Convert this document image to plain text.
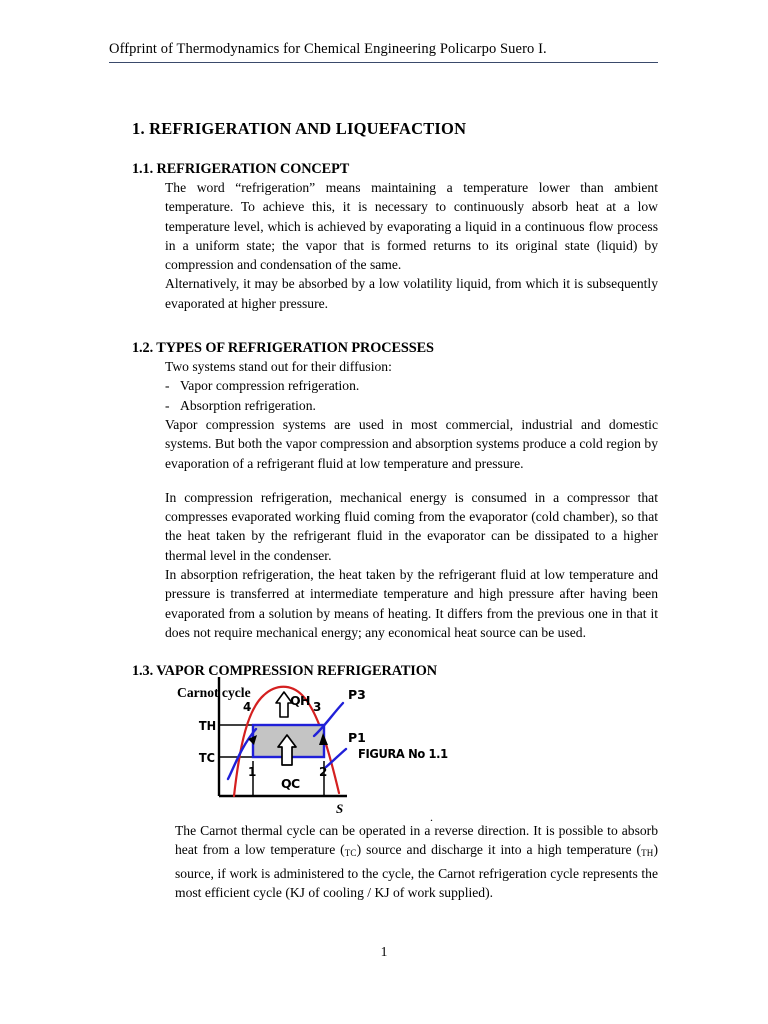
Offprint of Thermodynamics for Chemical Engineering Policarpo Suero I.
1. REFRIGERATION AND LIQUEFACTION
1.1. REFRIGERATION CONCEPT

The word “refrigeration” means maintaining a temperature lower than ambient temperature. To achieve this, it is necessary to continuously absorb heat at a low temperature level, which is achieved by evaporating a liquid in a continuous flow process in a uniform state; the vapor that is formed returns to its original state (liquid) by compression and condensation of the same.

Alternatively, it may be absorbed by a low volatility liquid, from which it is subsequently evaporated at higher pressure.

1.2. TYPES OF REFRIGERATION PROCESSES

Two systems stand out for their diffusion:

- Vapor compression refrigeration.
- Absorption refrigeration.

Vapor compression systems are used in most commercial, industrial and domestic systems. But both the vapor compression and absorption systems produce a cold region by evaporation of a refrigerant fluid at low temperature and pressure.

In compression refrigeration, mechanical energy is consumed in a compressor that compresses evaporated working fluid coming from the evaporator (cold chamber), so that the heat taken by the refrigerant fluid in the evaporator can be dissipated to a higher thermal level in the condenser.

In absorption refrigeration, the heat taken by the refrigerant fluid at low temperature and pressure is transferred at intermediate temperature and high pressure after having been evaporated from a solution by means of heating. It differs from the previous one in that it does not require mechanical energy; any economical heat source can be used.

1.3. VAPOR COMPRESSION REFRIGERATION
Carnot cycle
TH
TC
4	3
1	2
QH
QC
P3
P1
S
FIGURA No 1.1
.

The Carnot thermal cycle can be operated in a reverse direction. It is possible to absorb heat from a low temperature $(_{TC})$ source and discharge it into a high temperature $(_{TH})$ source, if work is administered to the cycle, the Carnot refrigeration cycle represents the most efficient cycle (KJ of cooling / KJ of work supplied).

1
